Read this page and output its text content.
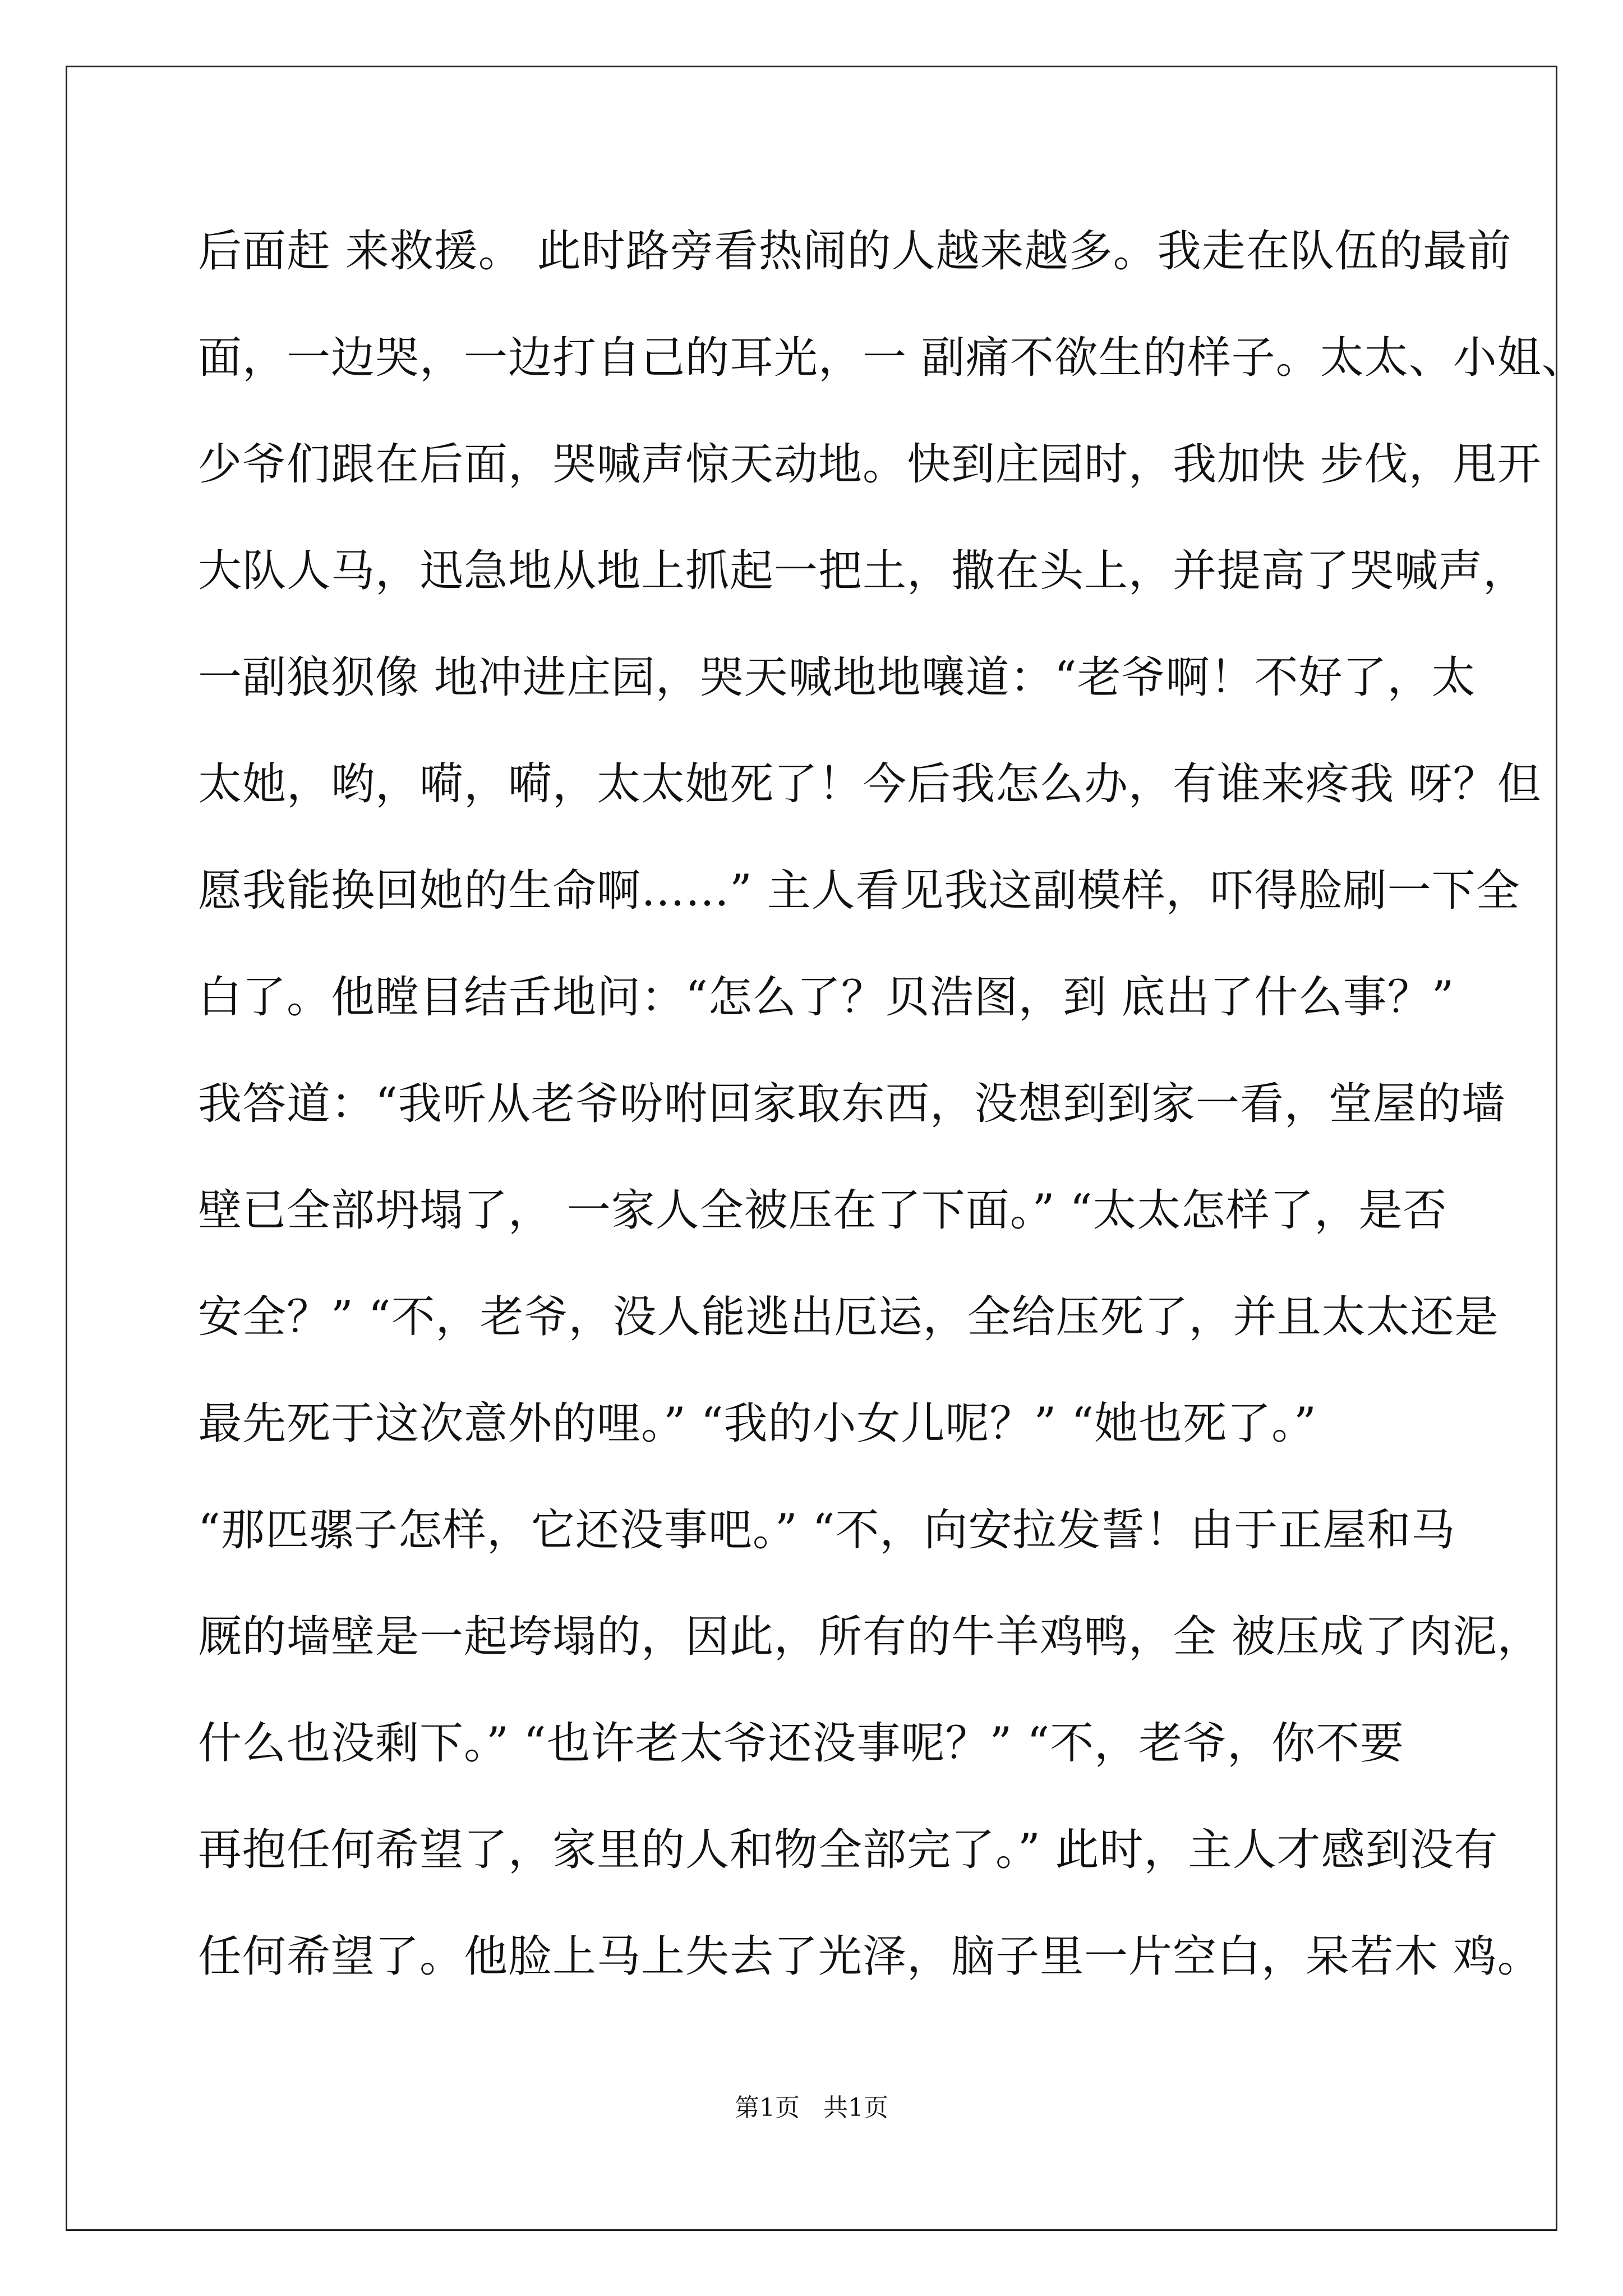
后面赶 来救援。 此时路旁看热闹的人越来越多。我走在队伍的最前
面，一边哭，一边打自己的耳光，一 副痛不欲生的样子。太太、小姐、
少爷们跟在后面，哭喊声惊天动地。快到庄园时，我加快 步伐，甩开
大队人马，迅急地从地上抓起一把土，撒在头上，并提高了哭喊声，
一副狼狈像 地冲进庄园，哭天喊地地嚷道：“老爷啊！不好了，太
太她，哟，嗬，嗬，太太她死了！今后我怎么办，有谁来疼我 呀？但
愿我能换回她的生命啊……” 主人看见我这副模样，吓得脸刷一下全
白了。他瞠目结舌地问：“怎么了？贝浩图，到 底出了什么事？”
我答道：“我听从老爷吩咐回家取东西，没想到到家一看，堂屋的墙
壁已全部坍塌了， 一家人全被压在了下面。” “太太怎样了，是否
安全？” “不，老爷，没人能逃出厄运，全给压死了，并且太太还是
最先死于这次意外的哩。” “我的小女儿呢？” “她也死了。”
“那匹骡子怎样，它还没事吧。” “不，向安拉发誓！由于正屋和马
厩的墙壁是一起垮塌的，因此，所有的牛羊鸡鸭，全 被压成了肉泥，
什么也没剩下。” “也许老太爷还没事呢？” “不，老爷，你不要
再抱任何希望了，家里的人和物全部完了。” 此时，主人才感到没有
任何希望了。他脸上马上失去了光泽，脑子里一片空白，呆若木 鸡。
第1页   共1页
